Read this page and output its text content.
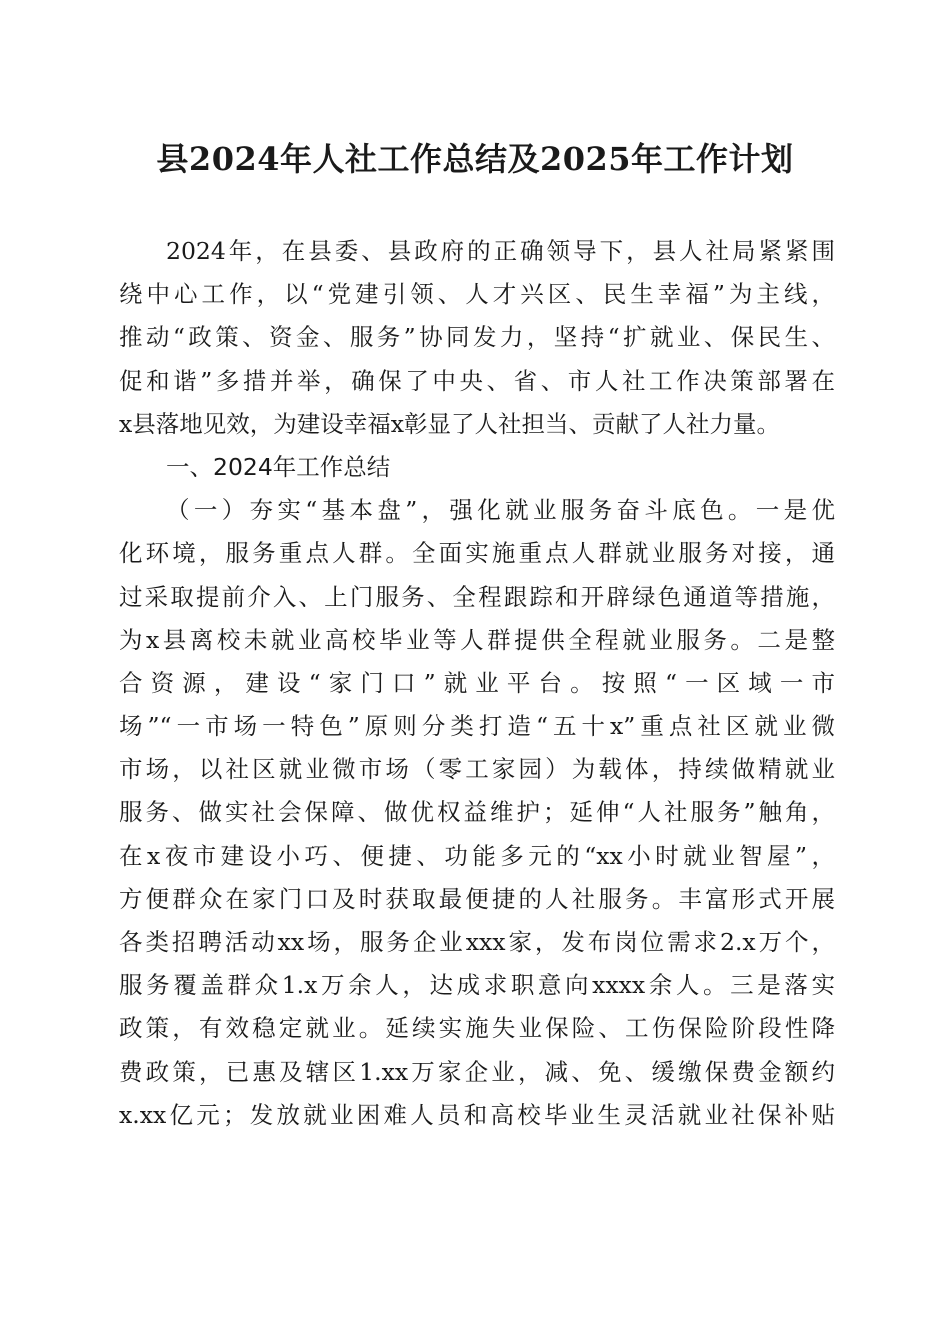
县2024年人社工作总结及2025年工作计划
2024年，在县委、县政府的正确领导下，县人社局紧紧围
绕中心工作，以“党建引领、人才兴区、民生幸福”为主线，
推动“政策、资金、服务”协同发力，坚持“扩就业、保民生、
促和谐”多措并举，确保了中央、省、市人社工作决策部署在
x县落地见效，为建设幸福x彰显了人社担当、贡献了人社力量。
一、2024年工作总结
（一）夯实“基本盘”，强化就业服务奋斗底色。一是优
化环境，服务重点人群。全面实施重点人群就业服务对接，通
过采取提前介入、上门服务、全程跟踪和开辟绿色通道等措施，
为x县离校未就业高校毕业等人群提供全程就业服务。二是整
合资源，建设“家门口”就业平台。按照“一区域一市
场”“一市场一特色”原则分类打造“五十x”重点社区就业微
市场，以社区就业微市场（零工家园）为载体，持续做精就业
服务、做实社会保障、做优权益维护；延伸“人社服务”触角，
在x夜市建设小巧、便捷、功能多元的“xx小时就业智屋”，
方便群众在家门口及时获取最便捷的人社服务。丰富形式开展
各类招聘活动xx场，服务企业xxx家，发布岗位需求2.x万个，
服务覆盖群众1.x万余人，达成求职意向xxxx余人。三是落实
政策，有效稳定就业。延续实施失业保险、工伤保险阶段性降
费政策，已惠及辖区1.xx万家企业，减、免、缓缴保费金额约
x.xx亿元；发放就业困难人员和高校毕业生灵活就业社保补贴
